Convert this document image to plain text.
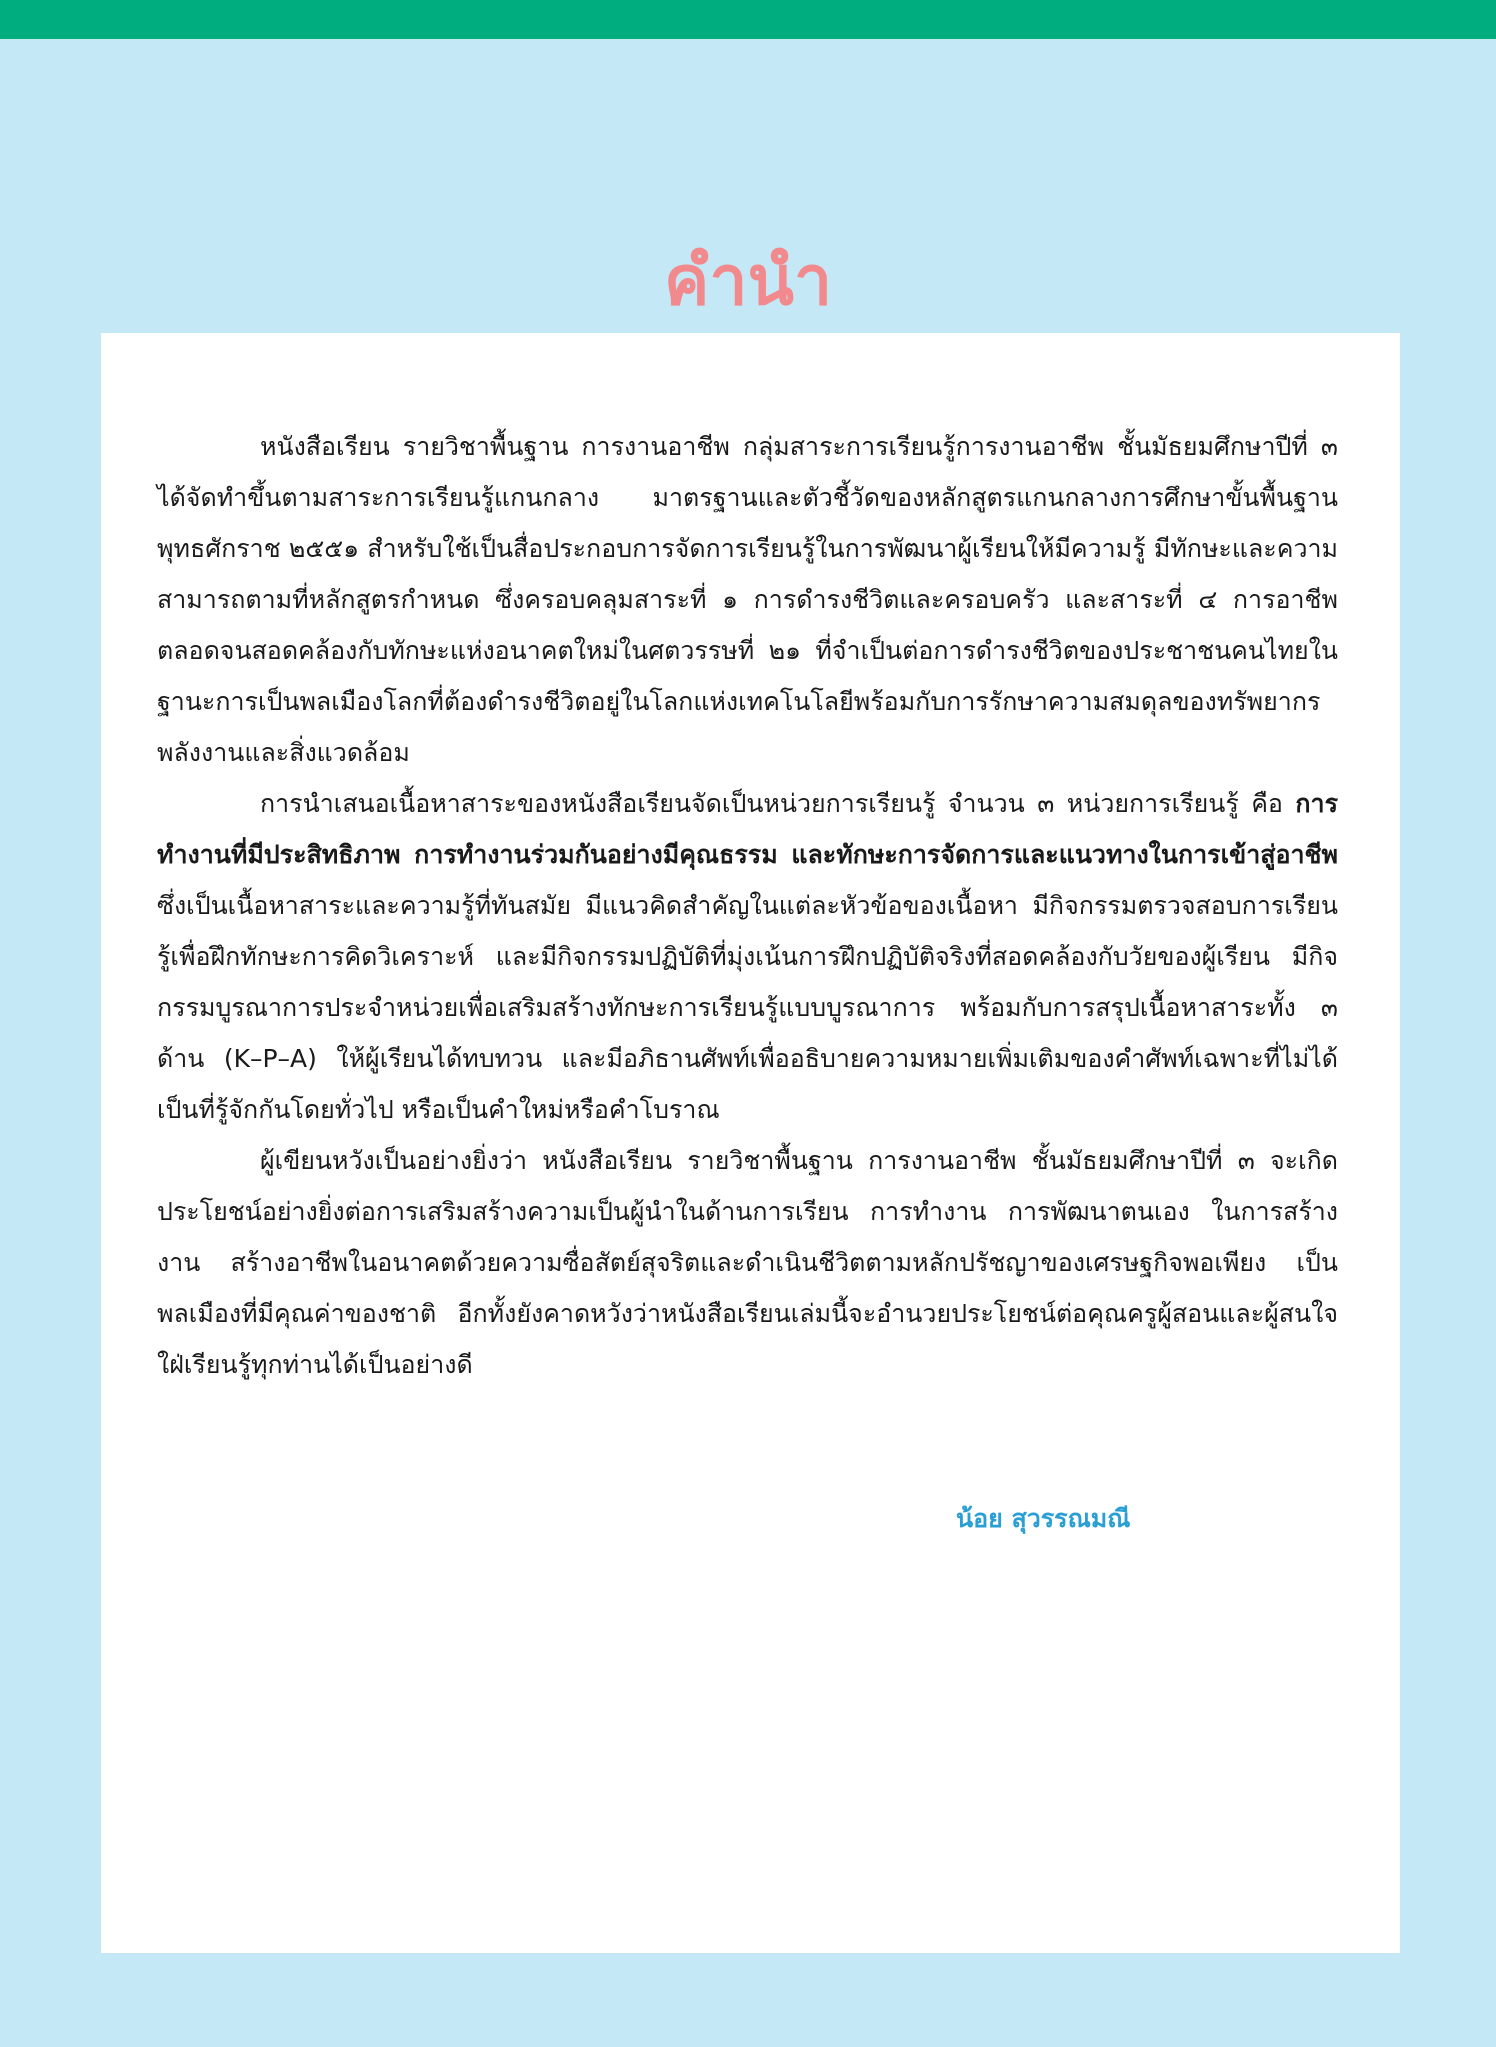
คำนำ

หนังสือเรียน รายวิชาพื้นฐาน การงานอาชีพ กลุ่มสาระการเรียนรู้การงานอาชีพ ชั้นมัธยมศึกษาปีที่ ๓ ได้จัดทำขึ้นตามสาระการเรียนรู้แกนกลาง มาตรฐานและตัวชี้วัดของหลักสูตรแกนกลางการศึกษาขั้นพื้นฐาน พุทธศักราช ๒๕๕๑ สำหรับใช้เป็นสื่อประกอบการจัดการเรียนรู้ในการพัฒนาผู้เรียนให้มีความรู้ มีทักษะและความสามารถตามที่หลักสูตรกำหนด ซึ่งครอบคลุมสาระที่ ๑ การดำรงชีวิตและครอบครัว และสาระที่ ๔ การอาชีพ ตลอดจนสอดคล้องกับทักษะแห่งอนาคตใหม่ในศตวรรษที่ ๒๑ ที่จำเป็นต่อการดำรงชีวิตของประชาชนคนไทยในฐานะการเป็นพลเมืองโลกที่ต้องดำรงชีวิตอยู่ในโลกแห่งเทคโนโลยีพร้อมกับการรักษาความสมดุลของทรัพยากร พลังงานและสิ่งแวดล้อม

การนำเสนอเนื้อหาสาระของหนังสือเรียนจัดเป็นหน่วยการเรียนรู้ จำนวน ๓ หน่วยการเรียนรู้ คือ การทำงานที่มีประสิทธิภาพ การทำงานร่วมกันอย่างมีคุณธรรม และทักษะการจัดการและแนวทางในการเข้าสู่อาชีพ ซึ่งเป็นเนื้อหาสาระและความรู้ที่ทันสมัย มีแนวคิดสำคัญในแต่ละหัวข้อของเนื้อหา มีกิจกรรมตรวจสอบการเรียนรู้เพื่อฝึกทักษะการคิดวิเคราะห์ และมีกิจกรรมปฏิบัติที่มุ่งเน้นการฝึกปฏิบัติจริงที่สอดคล้องกับวัยของผู้เรียน มีกิจกรรมบูรณาการประจำหน่วยเพื่อเสริมสร้างทักษะการเรียนรู้แบบบูรณาการ พร้อมกับการสรุปเนื้อหาสาระทั้ง ๓ ด้าน (K–P–A) ให้ผู้เรียนได้ทบทวน และมีอภิธานศัพท์เพื่ออธิบายความหมายเพิ่มเติมของคำศัพท์เฉพาะที่ไม่ได้เป็นที่รู้จักกันโดยทั่วไป หรือเป็นคำใหม่หรือคำโบราณ

ผู้เขียนหวังเป็นอย่างยิ่งว่า หนังสือเรียน รายวิชาพื้นฐาน การงานอาชีพ ชั้นมัธยมศึกษาปีที่ ๓ จะเกิดประโยชน์อย่างยิ่งต่อการเสริมสร้างความเป็นผู้นำในด้านการเรียน การทำงาน การพัฒนาตนเอง ในการสร้างงาน สร้างอาชีพในอนาคตด้วยความซื่อสัตย์สุจริตและดำเนินชีวิตตามหลักปรัชญาของเศรษฐกิจพอเพียง เป็นพลเมืองที่มีคุณค่าของชาติ อีกทั้งยังคาดหวังว่าหนังสือเรียนเล่มนี้จะอำนวยประโยชน์ต่อคุณครูผู้สอนและผู้สนใจใฝ่เรียนรู้ทุกท่านได้เป็นอย่างดี

น้อย สุวรรณมณี
